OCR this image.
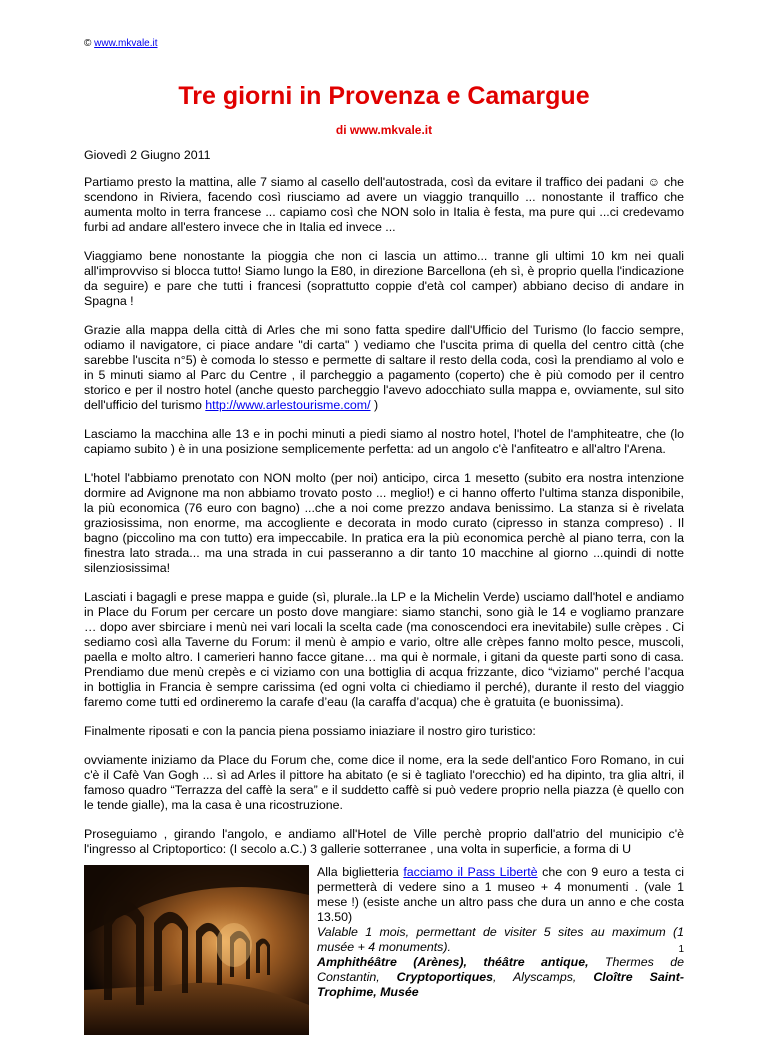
© www.mkvale.it
Tre giorni in Provenza e Camargue
di www.mkvale.it

Giovedì 2 Giugno 2011

Partiamo presto la mattina, alle 7 siamo al casello dell'autostrada, così da evitare il traffico dei padani ☺ che scendono in Riviera, facendo così riusciamo ad avere un viaggio tranquillo ... nonostante il traffico che aumenta molto in terra francese ... capiamo così che NON solo in Italia è festa, ma pure qui ...ci credevamo furbi ad andare all'estero invece che in Italia ed invece ...

Viaggiamo bene nonostante la pioggia che non ci lascia un attimo... tranne gli ultimi 10 km nei quali all'improvviso si blocca tutto! Siamo lungo la E80, in direzione Barcellona (eh sì, è proprio quella l'indicazione da seguire) e pare che tutti i francesi (soprattutto coppie d'età col camper) abbiano deciso di andare in Spagna !

Grazie alla mappa della città di Arles che mi sono fatta spedire dall'Ufficio del Turismo (lo faccio sempre, odiamo il navigatore, ci piace andare "di carta" ) vediamo che l'uscita prima di quella del centro città (che sarebbe l'uscita n°5) è comoda lo stesso e permette di saltare il resto della coda, così la prendiamo al volo e in 5 minuti siamo al Parc du Centre , il parcheggio a pagamento (coperto) che è più comodo per il centro storico e per il nostro hotel (anche questo parcheggio l'avevo adocchiato sulla mappa e, ovviamente, sul sito dell'ufficio del turismo http://www.arlestourisme.com/ )

Lasciamo la macchina alle 13 e in pochi minuti a piedi siamo al nostro hotel, l'hotel de l'amphiteatre, che (lo capiamo subito ) è in una posizione semplicemente perfetta: ad un angolo c'è l'anfiteatro e all'altro l'Arena.

L'hotel l'abbiamo prenotato con NON molto (per noi) anticipo, circa 1 mesetto (subito era nostra intenzione dormire ad Avignone ma non abbiamo trovato posto ... meglio!) e ci hanno offerto l'ultima stanza disponibile, la più economica (76 euro con bagno) ...che a noi come prezzo andava benissimo. La stanza si è rivelata graziosissima, non enorme, ma accogliente e decorata in modo curato (cipresso in stanza compreso) . Il bagno (piccolino ma con tutto) era impeccabile. In pratica era la più economica perchè al piano terra, con la finestra lato strada... ma una strada in cui passeranno a dir tanto 10 macchine al giorno ...quindi di notte silenziosissima!

Lasciati i bagagli e prese mappa e guide (sì, plurale..la LP e la Michelin Verde) usciamo dall'hotel e andiamo in Place du Forum per cercare un posto dove mangiare: siamo stanchi, sono già le 14 e vogliamo pranzare … dopo aver sbirciare i menù nei vari locali la scelta cade (ma conoscendoci era inevitabile) sulle crèpes . Ci sediamo così alla Taverne du Forum: il menù è ampio e vario, oltre alle crèpes fanno molto pesce, muscoli, paella e molto altro. I camerieri hanno facce gitane… ma qui è normale, i gitani da queste parti sono di casa. Prendiamo due menù crepès e ci viziamo con una bottiglia di acqua frizzante, dico “viziamo” perché l’acqua in bottiglia in Francia è sempre carissima (ed ogni volta ci chiediamo il perché), durante il resto del viaggio faremo come tutti ed ordineremo la carafe d’eau (la caraffa d’acqua) che è gratuita (e buonissima).

Finalmente riposati e con la pancia piena possiamo iniaziare il nostro giro turistico:

ovviamente iniziamo da Place du Forum che, come dice il nome, era la sede dell'antico Foro Romano, in cui c'è il Cafè Van Gogh ... sì ad Arles il pittore ha abitato (e si è tagliato l'orecchio) ed ha dipinto, tra glia altri, il famoso quadro “Terrazza del caffè la sera” e il suddetto caffè si può vedere proprio nella piazza (è quello con le tende gialle), ma la casa è una ricostruzione.

Proseguiamo , girando l'angolo, e andiamo all'Hotel de Ville perchè proprio dall'atrio del municipio c'è l'ingresso al Criptoportico: (I secolo a.C.) 3 gallerie sotterranee , una volta in superficie, a forma di U

Alla biglietteria facciamo il Pass Libertè che con 9 euro a testa ci permetterà di vedere sino a 1 museo + 4 monumenti . (vale 1 mese !) (esiste anche un altro pass che dura un anno e che costa 13.50)
Valable 1 mois, permettant de visiter 5 sites au maximum (1 musée + 4 monuments).
Amphithéâtre (Arènes), théâtre antique, Thermes de Constantin, Cryptoportiques, Alyscamps, Cloître Saint-Trophime, Musée

1
